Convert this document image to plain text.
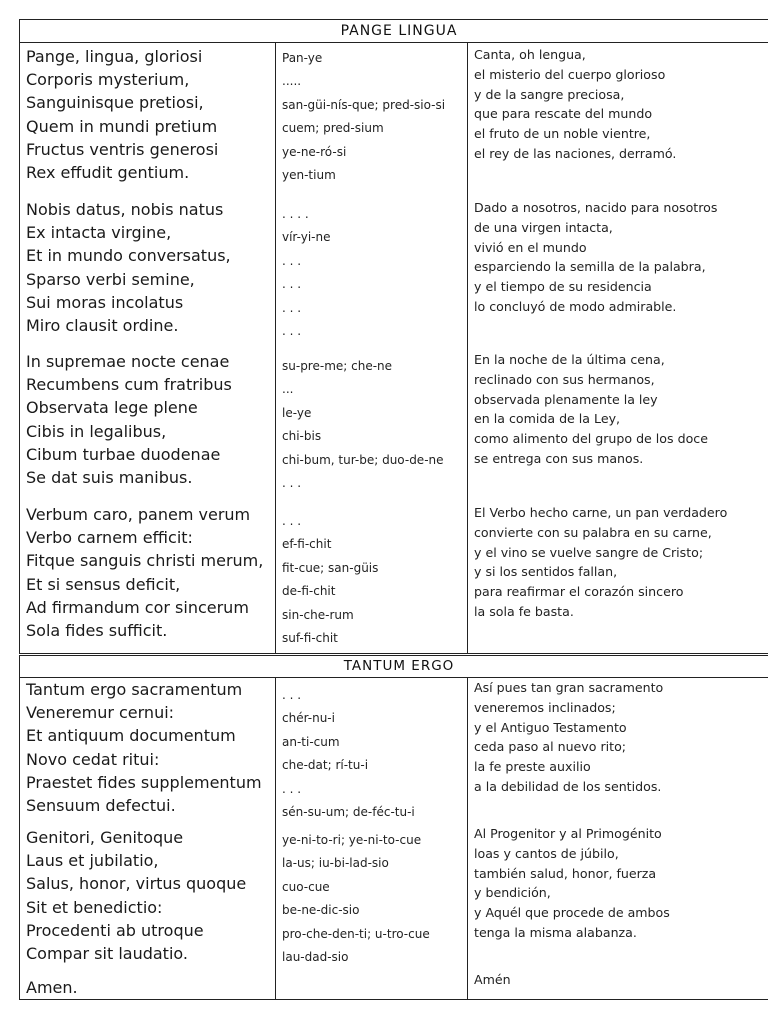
PANGE LINGUA
Pange, lingua, gloriosi
Corporis mysterium,
Sanguinisque pretiosi,
Quem in mundi pretium
Fructus ventris generosi
Rex effudit gentium.
Pan-ye
.....
san-güi-nís-que; pred-sio-si
cuem; pred-sium
ye-ne-ró-si
yen-tium
Canta, oh lengua,
el misterio del cuerpo glorioso
y de la sangre preciosa,
que para rescate del mundo
el fruto de un noble vientre,
el rey de las naciones, derramó.
Nobis datus, nobis natus
Ex intacta virgine,
Et in mundo conversatus,
Sparso verbi semine,
Sui moras incolatus
Miro clausit ordine.
. . . .
vír-yi-ne
. . .
. . .
. . .
. . .
Dado a nosotros, nacido para nosotros
de una virgen intacta,
vivió en el mundo
esparciendo la semilla de la palabra,
y el tiempo de su residencia
lo concluyó de modo admirable.
In supremae nocte cenae
Recumbens cum fratribus
Observata lege plene
Cibis in legalibus,
Cibum turbae duodenae
Se dat suis manibus.
su-pre-me; che-ne
...
le-ye
chi-bis
chi-bum, tur-be; duo-de-ne
. . .
En la noche de la última cena,
reclinado con sus hermanos,
observada plenamente la ley
en la comida de la Ley,
como alimento del grupo de los doce
se entrega con sus manos.
Verbum caro, panem verum
Verbo carnem efficit:
Fitque sanguis christi merum,
Et si sensus deficit,
Ad firmandum cor sincerum
Sola fides sufficit.
. . .
ef-fi-chit
fit-cue; san-güis
de-fi-chit
sin-che-rum
suf-fi-chit
El Verbo hecho carne, un pan verdadero
convierte con su palabra en su carne,
y el vino se vuelve sangre de Cristo;
y si los sentidos fallan,
para reafirmar el corazón sincero
la sola fe basta.
TANTUM ERGO
Tantum ergo sacramentum
Veneremur cernui:
Et antiquum documentum
Novo cedat ritui:
Praestet fides supplementum
Sensuum defectui.
. . .
chér-nu-i
an-ti-cum
che-dat; rí-tu-i
. . .
sén-su-um; de-féc-tu-i
Así pues tan gran sacramento
veneremos inclinados;
y el Antiguo Testamento
ceda paso al nuevo rito;
la fe preste auxilio
a la debilidad de los sentidos.
Genitori, Genitoque
Laus et jubilatio,
Salus, honor, virtus quoque
Sit et benedictio:
Procedenti ab utroque
Compar sit laudatio.
ye-ni-to-ri; ye-ni-to-cue
la-us; iu-bi-lad-sio
cuo-cue
be-ne-dic-sio
pro-che-den-ti; u-tro-cue
lau-dad-sio
Al Progenitor y al Primogénito
loas y cantos de júbilo,
también salud, honor, fuerza
y bendición,
y Aquél que procede de ambos
tenga la misma alabanza.
Amen.	Amén
